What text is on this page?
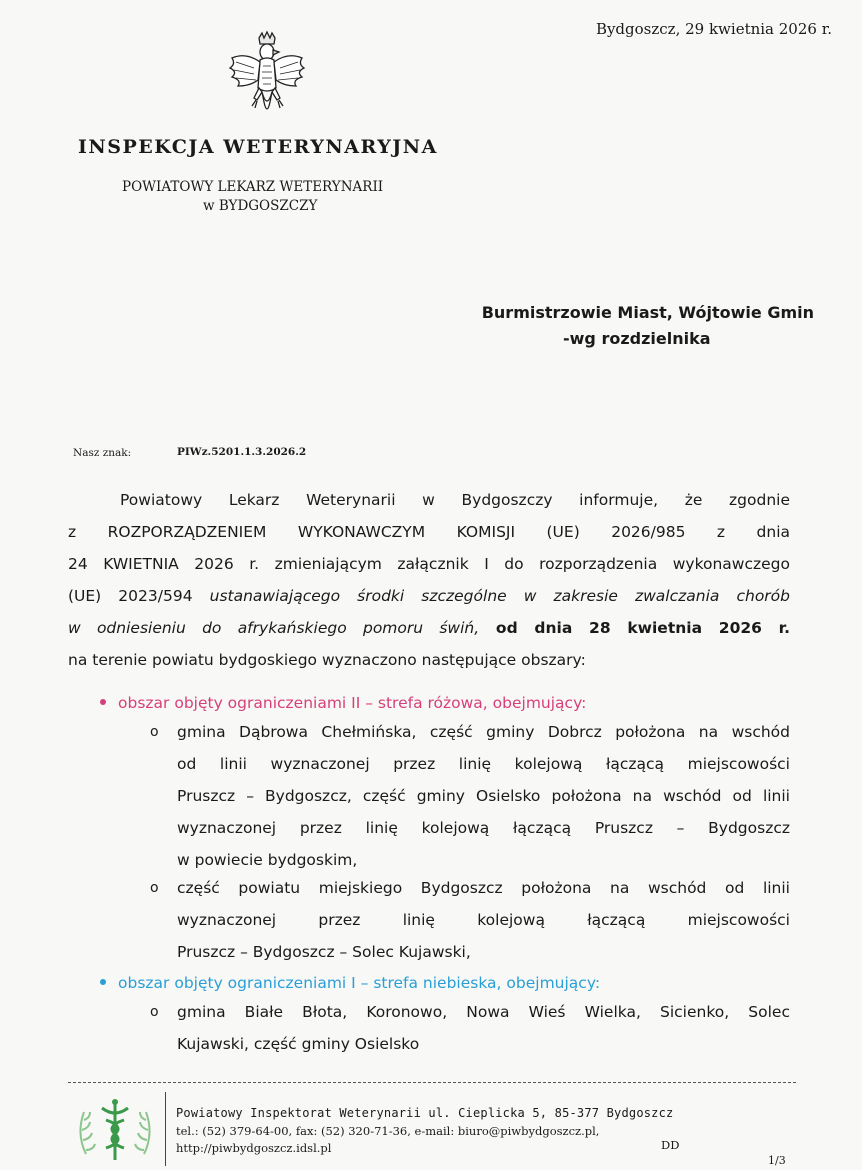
Bydgoszcz, 29 kwietnia 2026 r.
INSPEKCJA WETERYNARYJNA
POWIATOWY LEKARZ WETERYNARII
w BYDGOSZCZY
Burmistrzowie Miast, Wójtowie Gmin
-wg rozdzielnika
Nasz znak:	PIWz.5201.1.3.2026.2
Powiatowy Lekarz Weterynarii w Bydgoszczy informuje, że zgodnie
z ROZPORZĄDZENIEM WYKONAWCZYM KOMISJI (UE) 2026/985 z dnia
24 KWIETNIA 2026 r. zmieniającym załącznik I do rozporządzenia wykonawczego
(UE) 2023/594 ustanawiającego środki szczególne w zakresie zwalczania chorób
w odniesieniu do afrykańskiego pomoru świń, od dnia 28 kwietnia 2026 r.
na terenie powiatu bydgoskiego wyznaczono następujące obszary:
obszar objęty ograniczeniami II – strefa różowa, obejmujący:
o gmina Dąbrowa Chełmińska, część gminy Dobrcz położona na wschód
od linii wyznaczonej przez linię kolejową łączącą miejscowości
Pruszcz – Bydgoszcz, część gminy Osielsko położona na wschód od linii
wyznaczonej przez linię kolejową łączącą Pruszcz – Bydgoszcz
w powiecie bydgoskim,
o część powiatu miejskiego Bydgoszcz położona na wschód od linii
wyznaczonej przez linię kolejową łączącą miejscowości
Pruszcz – Bydgoszcz – Solec Kujawski,
obszar objęty ograniczeniami I – strefa niebieska, obejmujący:
o gmina Białe Błota, Koronowo, Nowa Wieś Wielka, Sicienko, Solec
Kujawski, część gminy Osielsko
Powiatowy Inspektorat Weterynarii ul. Cieplicka 5, 85-377 Bydgoszcz
tel.: (52) 379-64-00, fax: (52) 320-71-36, e-mail: biuro@piwbydgoszcz.pl,
http://piwbydgoszcz.idsl.pl	DD
1/3
